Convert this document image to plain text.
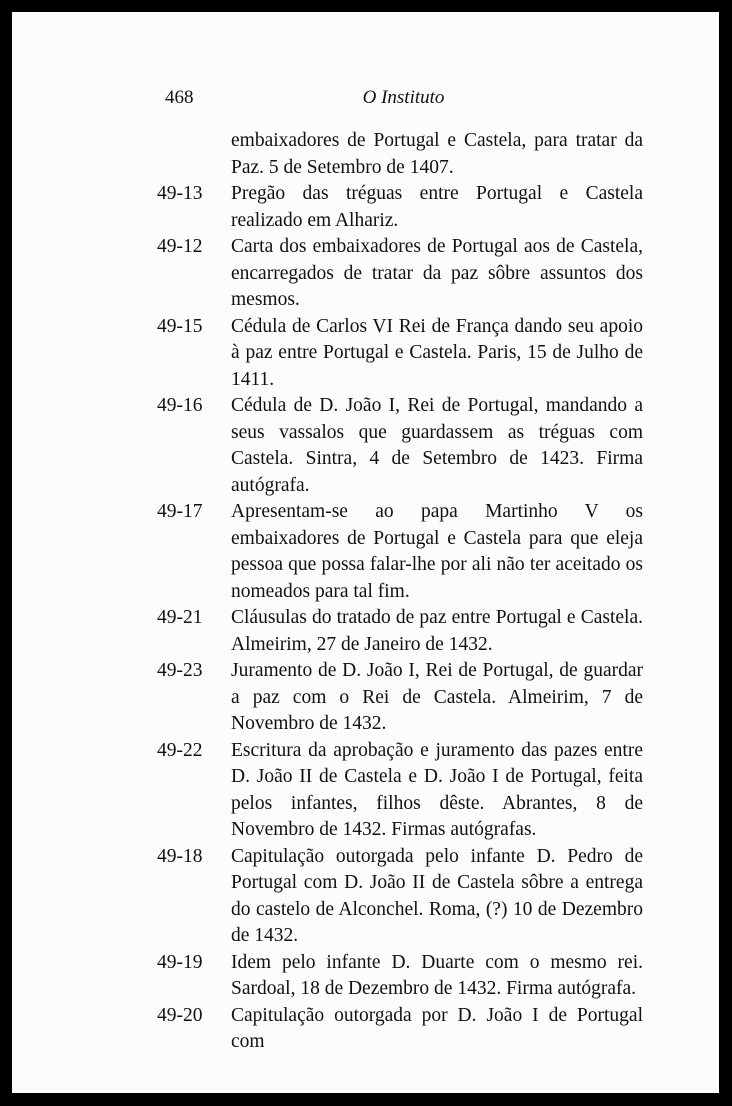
468	O Instituto
embaixadores de Portugal e Castela, para tratar da Paz. 5 de Setembro de 1407.
49-13	Pregão das tréguas entre Portugal e Castela realizado em Alhariz.
49-12	Carta dos embaixadores de Portugal aos de Castela, encarregados de tratar da paz sôbre assuntos dos mesmos.
49-15	Cédula de Carlos VI Rei de França dando seu apoio à paz entre Portugal e Castela. Paris, 15 de Julho de 1411.
49-16	Cédula de D. João I, Rei de Portugal, mandando a seus vassalos que guardassem as tréguas com Castela. Sintra, 4 de Setembro de 1423. Firma autógrafa.
49-17	Apresentam-se ao papa Martinho V os embaixadores de Portugal e Castela para que eleja pessoa que possa falar-lhe por ali não ter aceitado os nomeados para tal fim.
49-21	Cláusulas do tratado de paz entre Portugal e Castela. Almeirim, 27 de Janeiro de 1432.
49-23	Juramento de D. João I, Rei de Portugal, de guardar a paz com o Rei de Castela. Almeirim, 7 de Novembro de 1432.
49-22	Escritura da aprobação e juramento das pazes entre D. João II de Castela e D. João I de Portugal, feita pelos infantes, filhos dêste. Abrantes, 8 de Novembro de 1432. Firmas autógrafas.
49-18	Capitulação outorgada pelo infante D. Pedro de Portugal com D. João II de Castela sôbre a entrega do castelo de Alconchel. Roma, (?) 10 de Dezembro de 1432.
49-19	Idem pelo infante D. Duarte com o mesmo rei. Sardoal, 18 de Dezembro de 1432. Firma autógrafa.
49-20	Capitulação outorgada por D. João I de Portugal com
